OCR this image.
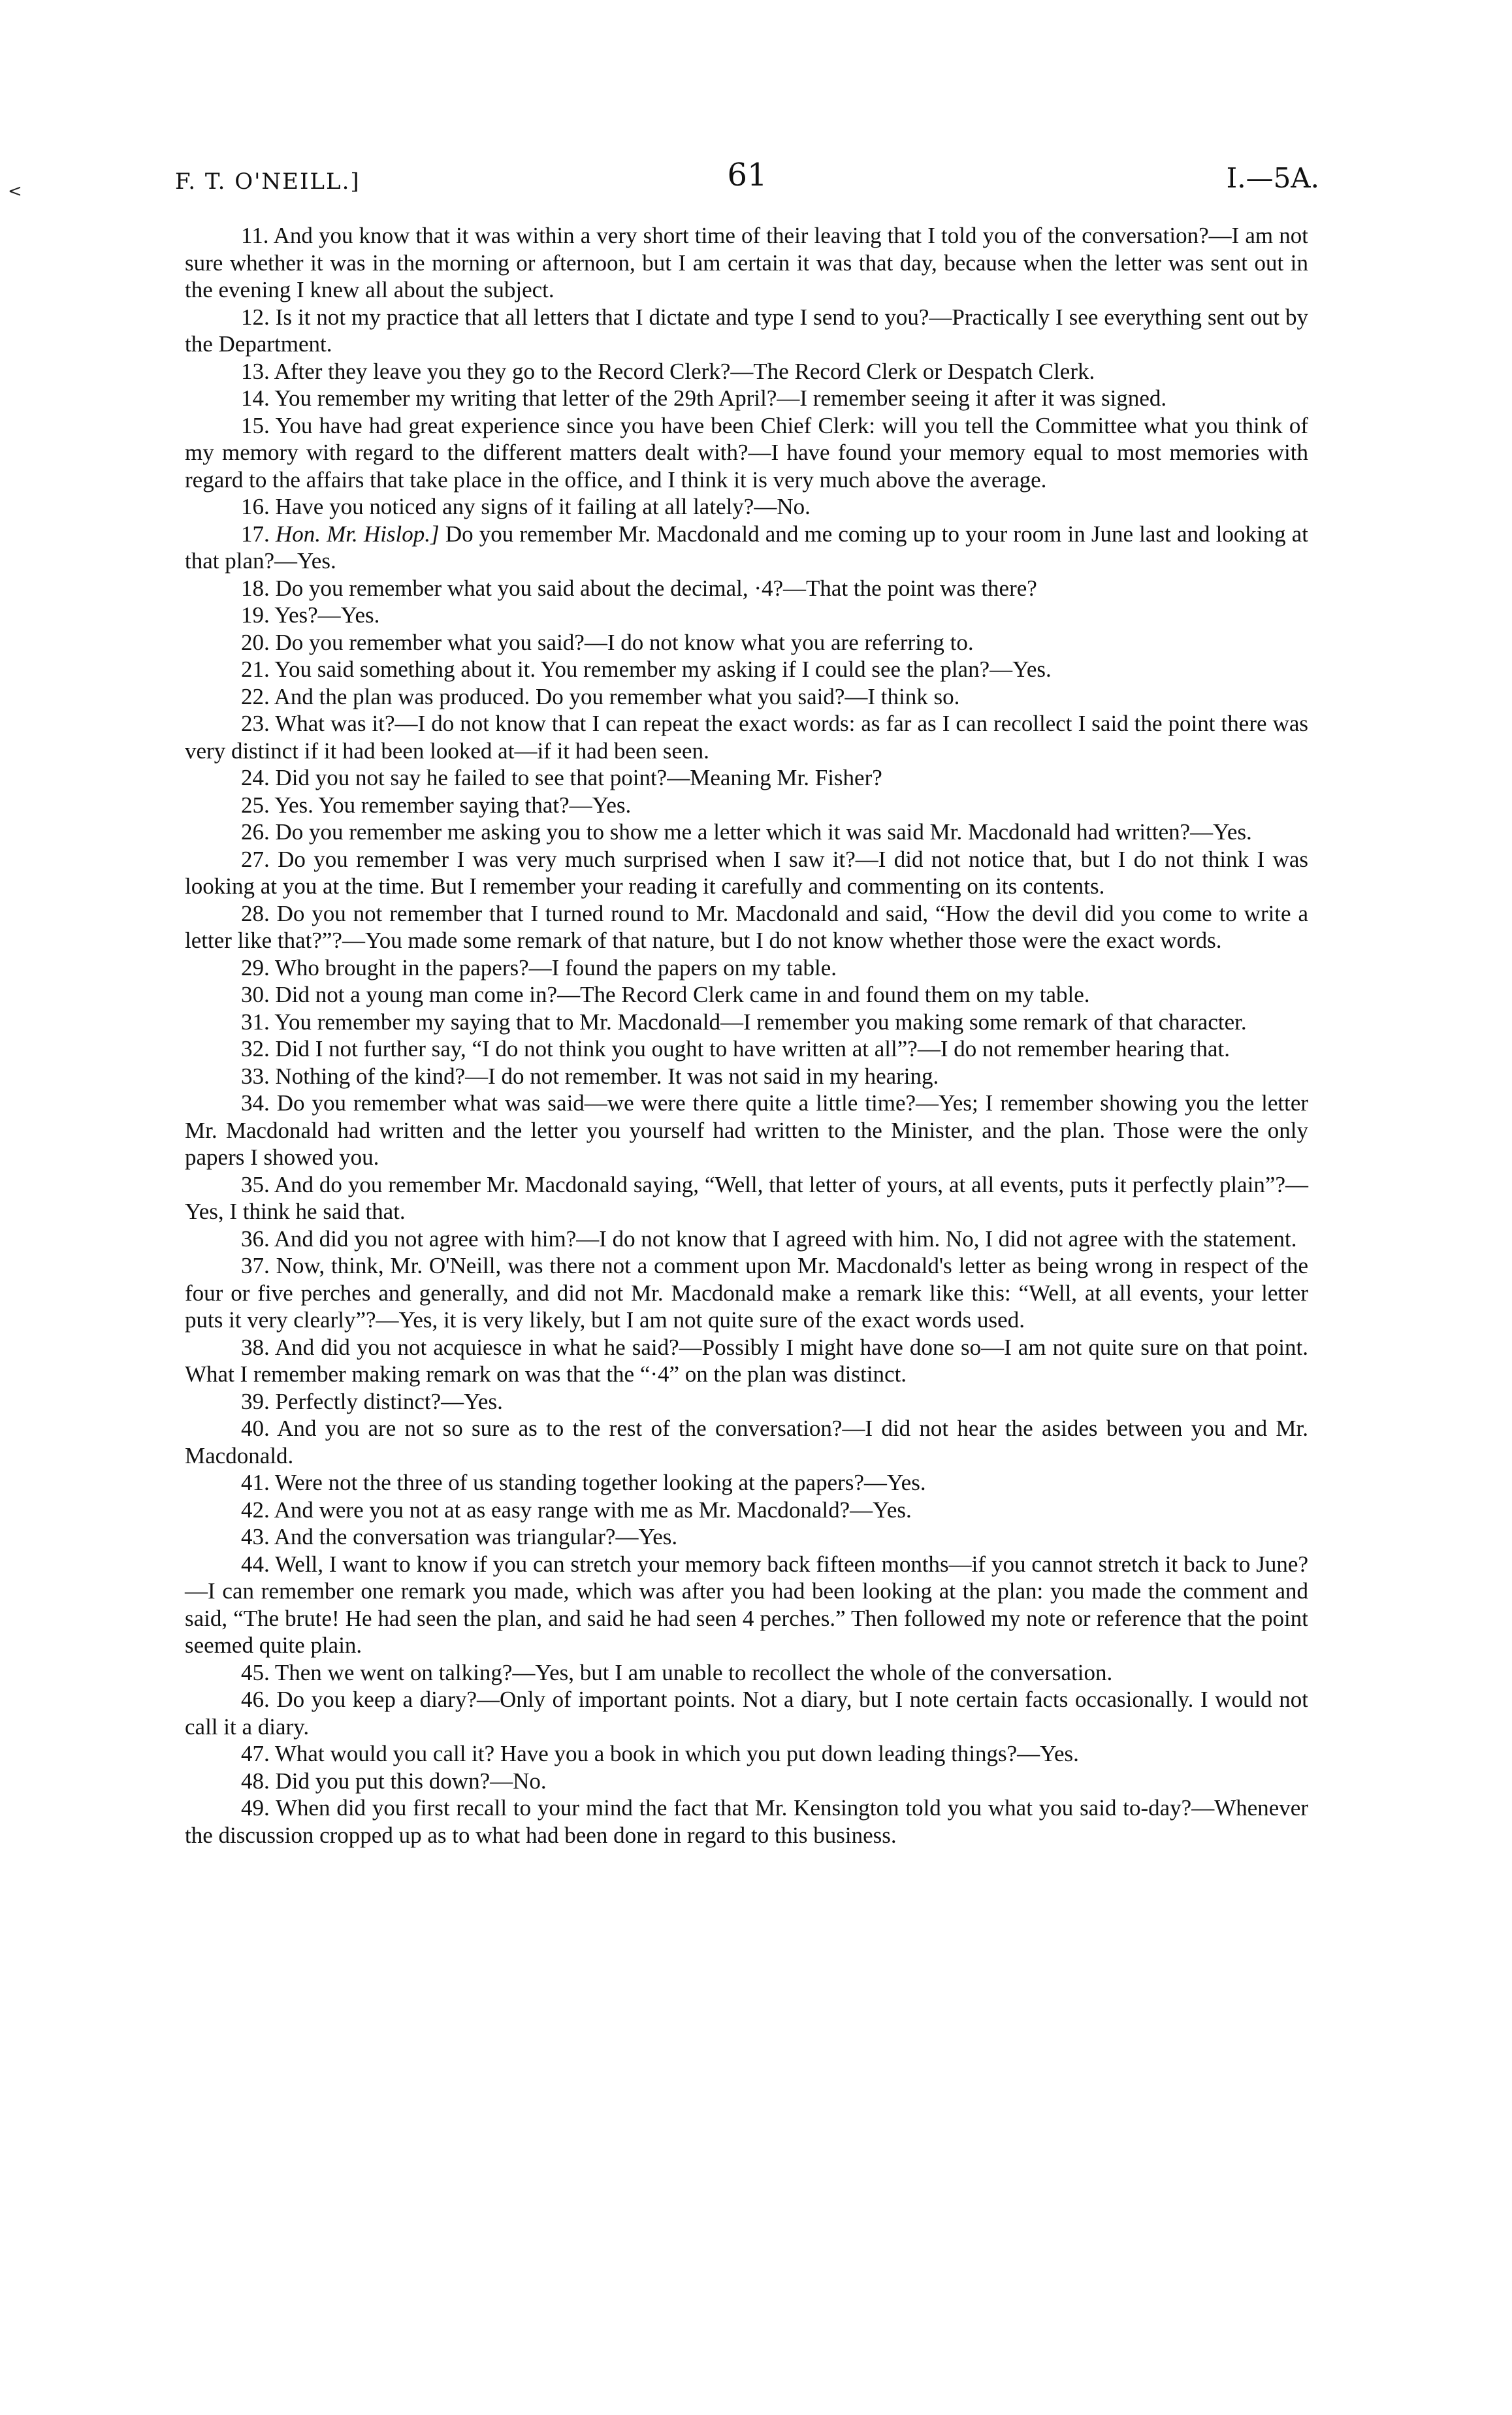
<	F. T. O'NEILL.]	61	I.—5A.

11. And you know that it was within a very short time of their leaving that I told you of the conversation?—I am not sure whether it was in the morning or afternoon, but I am certain it was that day, because when the letter was sent out in the evening I knew all about the subject.

12. Is it not my practice that all letters that I dictate and type I send to you?—Practically I see everything sent out by the Department.

13. After they leave you they go to the Record Clerk?—The Record Clerk or Despatch Clerk.

14. You remember my writing that letter of the 29th April?—I remember seeing it after it was signed.

15. You have had great experience since you have been Chief Clerk: will you tell the Committee what you think of my memory with regard to the different matters dealt with?—I have found your memory equal to most memories with regard to the affairs that take place in the office, and I think it is very much above the average.

16. Have you noticed any signs of it failing at all lately?—No.

17. Hon. Mr. Hislop.] Do you remember Mr. Macdonald and me coming up to your room in June last and looking at that plan?—Yes.

18. Do you remember what you said about the decimal, ·4?—That the point was there?

19. Yes?—Yes.

20. Do you remember what you said?—I do not know what you are referring to.

21. You said something about it. You remember my asking if I could see the plan?—Yes.

22. And the plan was produced. Do you remember what you said?—I think so.

23. What was it?—I do not know that I can repeat the exact words: as far as I can recollect I said the point there was very distinct if it had been looked at—if it had been seen.

24. Did you not say he failed to see that point?—Meaning Mr. Fisher?

25. Yes. You remember saying that?—Yes.

26. Do you remember me asking you to show me a letter which it was said Mr. Macdonald had written?—Yes.

27. Do you remember I was very much surprised when I saw it?—I did not notice that, but I do not think I was looking at you at the time. But I remember your reading it carefully and commenting on its contents.

28. Do you not remember that I turned round to Mr. Macdonald and said, “How the devil did you come to write a letter like that?”?—You made some remark of that nature, but I do not know whether those were the exact words.

29. Who brought in the papers?—I found the papers on my table.

30. Did not a young man come in?—The Record Clerk came in and found them on my table.

31. You remember my saying that to Mr. Macdonald—I remember you making some remark of that character.

32. Did I not further say, “I do not think you ought to have written at all”?—I do not remember hearing that.

33. Nothing of the kind?—I do not remember. It was not said in my hearing.

34. Do you remember what was said—we were there quite a little time?—Yes; I remember showing you the letter Mr. Macdonald had written and the letter you yourself had written to the Minister, and the plan. Those were the only papers I showed you.

35. And do you remember Mr. Macdonald saying, “Well, that letter of yours, at all events, puts it perfectly plain”?—Yes, I think he said that.

36. And did you not agree with him?—I do not know that I agreed with him. No, I did not agree with the statement.

37. Now, think, Mr. O'Neill, was there not a comment upon Mr. Macdonald's letter as being wrong in respect of the four or five perches and generally, and did not Mr. Macdonald make a remark like this: “Well, at all events, your letter puts it very clearly”?—Yes, it is very likely, but I am not quite sure of the exact words used.

38. And did you not acquiesce in what he said?—Possibly I might have done so—I am not quite sure on that point. What I remember making remark on was that the “·4” on the plan was distinct.

39. Perfectly distinct?—Yes.

40. And you are not so sure as to the rest of the conversation?—I did not hear the asides between you and Mr. Macdonald.

41. Were not the three of us standing together looking at the papers?—Yes.

42. And were you not at as easy range with me as Mr. Macdonald?—Yes.

43. And the conversation was triangular?—Yes.

44. Well, I want to know if you can stretch your memory back fifteen months—if you cannot stretch it back to June?—I can remember one remark you made, which was after you had been looking at the plan: you made the comment and said, “The brute! He had seen the plan, and said he had seen 4 perches.” Then followed my note or reference that the point seemed quite plain.

45. Then we went on talking?—Yes, but I am unable to recollect the whole of the conversation.

46. Do you keep a diary?—Only of important points. Not a diary, but I note certain facts occasionally. I would not call it a diary.

47. What would you call it? Have you a book in which you put down leading things?—Yes.

48. Did you put this down?—No.

49. When did you first recall to your mind the fact that Mr. Kensington told you what you said to-day?—Whenever the discussion cropped up as to what had been done in regard to this business.
